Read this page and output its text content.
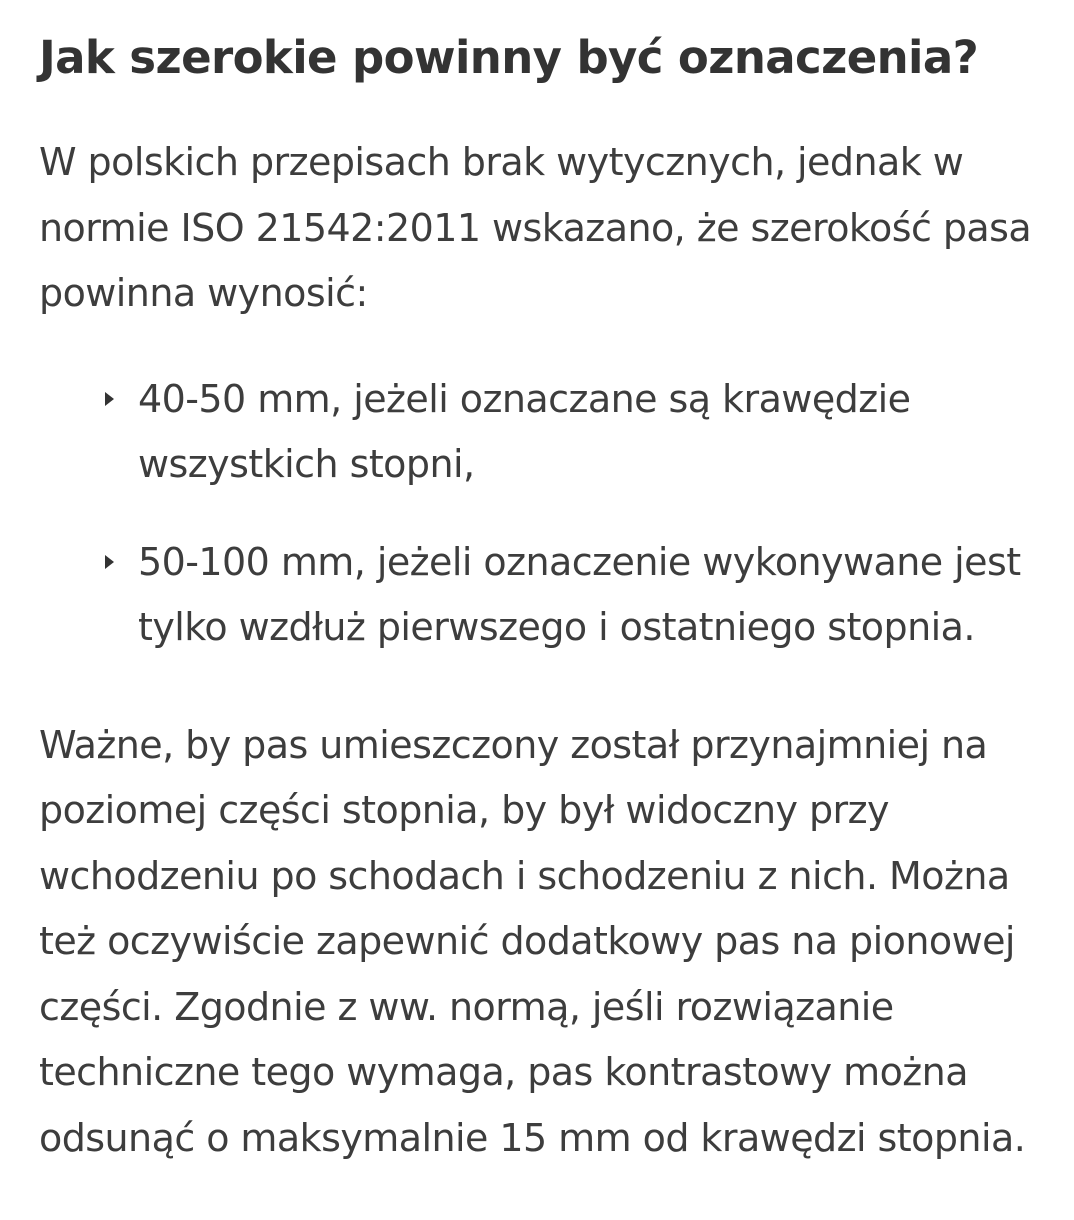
Jak szerokie powinny być oznaczenia?

W polskich przepisach brak wytycznych, jednak w
normie ISO 21542:2011 wskazano, że szerokość pasa
powinna wynosić:

40-50 mm, jeżeli oznaczane są krawędzie
wszystkich stopni,
50-100 mm, jeżeli oznaczenie wykonywane jest
tylko wzdłuż pierwszego i ostatniego stopnia.

Ważne, by pas umieszczony został przynajmniej na
poziomej części stopnia, by był widoczny przy
wchodzeniu po schodach i schodzeniu z nich. Można
też oczywiście zapewnić dodatkowy pas na pionowej
części. Zgodnie z ww. normą, jeśli rozwiązanie
techniczne tego wymaga, pas kontrastowy można
odsunąć o maksymalnie 15 mm od krawędzi stopnia.
